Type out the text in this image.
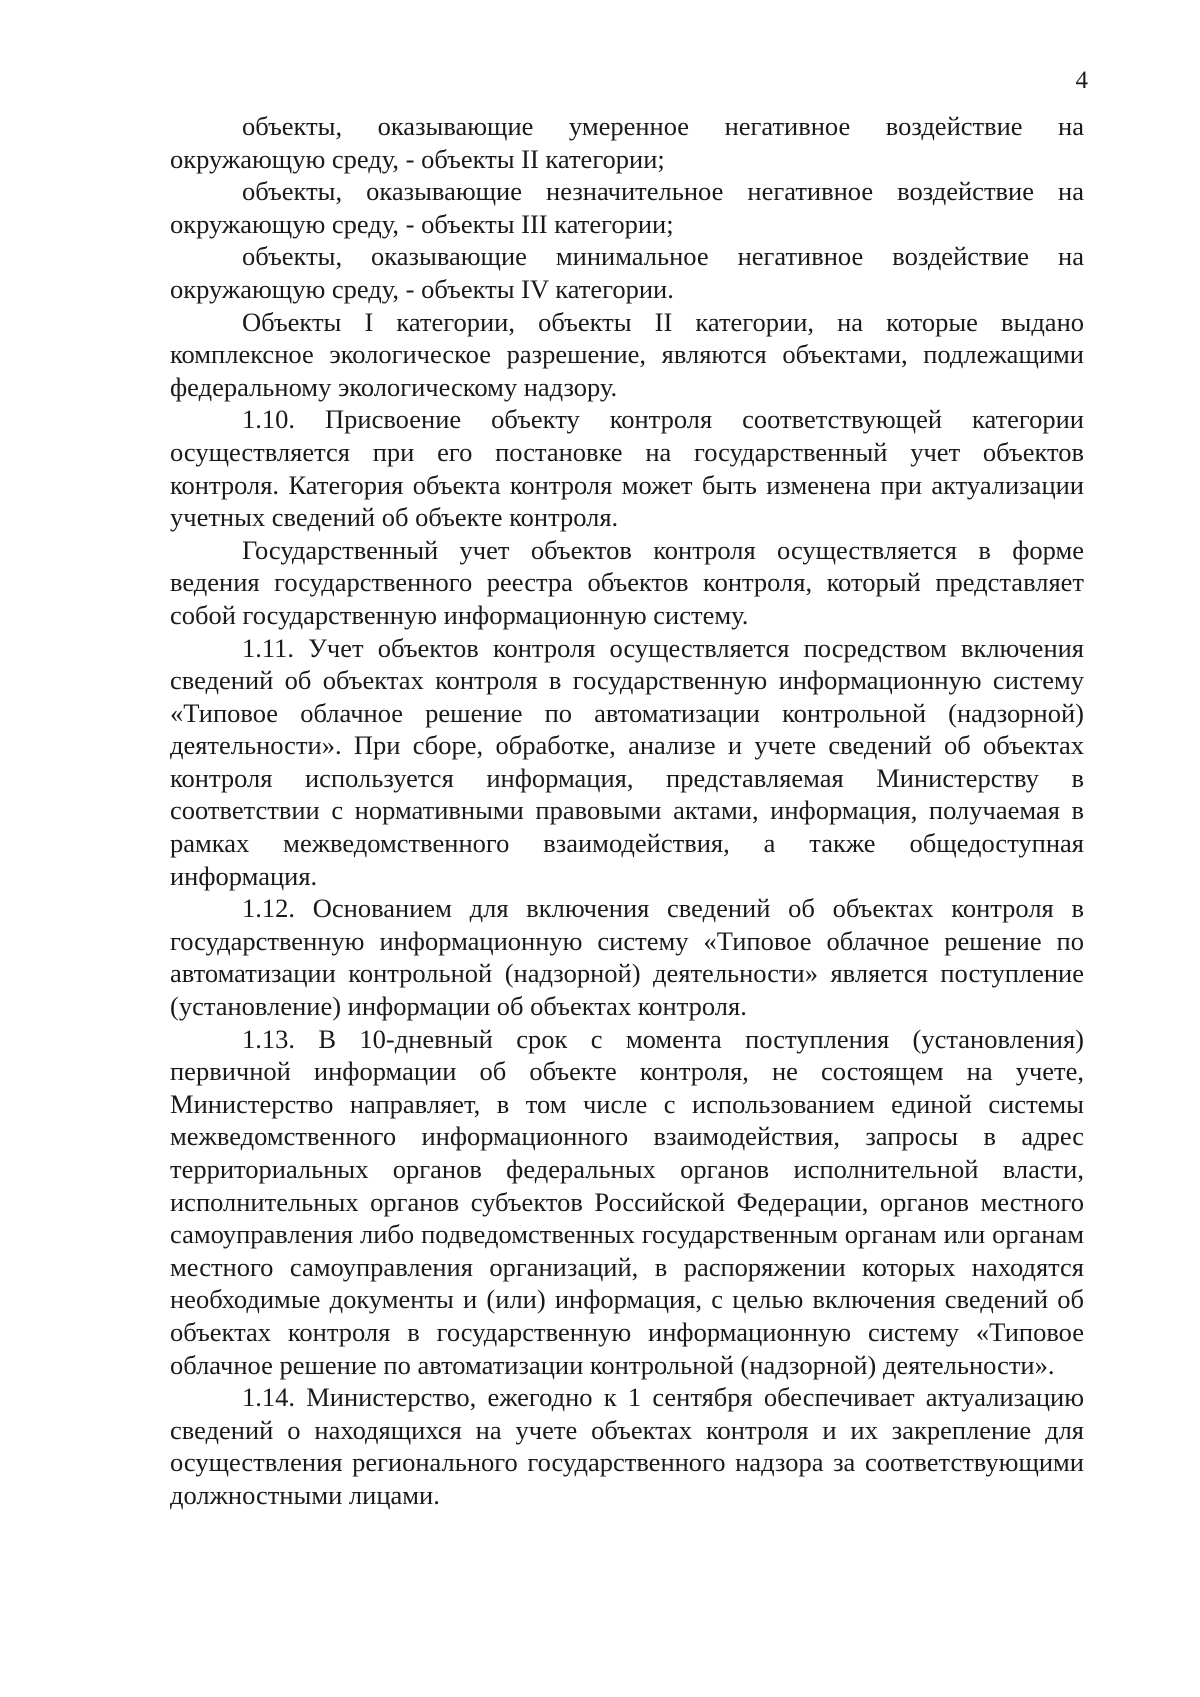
4

объекты, оказывающие умеренное негативное воздействие на окружающую среду, - объекты II категории;

объекты, оказывающие незначительное негативное воздействие на окружающую среду, - объекты III категории;

объекты, оказывающие минимальное негативное воздействие на окружающую среду, - объекты IV категории.

Объекты I категории, объекты II категории, на которые выдано комплексное экологическое разрешение, являются объектами, подлежащими федеральному экологическому надзору.

1.10. Присвоение объекту контроля соответствующей категории осуществляется при его постановке на государственный учет объектов контроля. Категория объекта контроля может быть изменена при актуализации учетных сведений об объекте контроля.

Государственный учет объектов контроля осуществляется в форме ведения государственного реестра объектов контроля, который представляет собой государственную информационную систему.

1.11. Учет объектов контроля осуществляется посредством включения сведений об объектах контроля в государственную информационную систему «Типовое облачное решение по автоматизации контрольной (надзорной) деятельности». При сборе, обработке, анализе и учете сведений об объектах контроля используется информация, представляемая Министерству в соответствии с нормативными правовыми актами, информация, получаемая в рамках межведомственного взаимодействия, а также общедоступная информация.

1.12. Основанием для включения сведений об объектах контроля в государственную информационную систему «Типовое облачное решение по автоматизации контрольной (надзорной) деятельности» является поступление (установление) информации об объектах контроля.

1.13. В 10-дневный срок с момента поступления (установления) первичной информации об объекте контроля, не состоящем на учете, Министерство направляет, в том числе с использованием единой системы межведомственного информационного взаимодействия, запросы в адрес территориальных органов федеральных органов исполнительной власти, исполнительных органов субъектов Российской Федерации, органов местного самоуправления либо подведомственных государственным органам или органам местного самоуправления организаций, в распоряжении которых находятся необходимые документы и (или) информация, с целью включения сведений об объектах контроля в государственную информационную систему «Типовое облачное решение по автоматизации контрольной (надзорной) деятельности».

1.14. Министерство, ежегодно к 1 сентября обеспечивает актуализацию сведений о находящихся на учете объектах контроля и их закрепление для осуществления регионального государственного надзора за соответствующими должностными лицами.
